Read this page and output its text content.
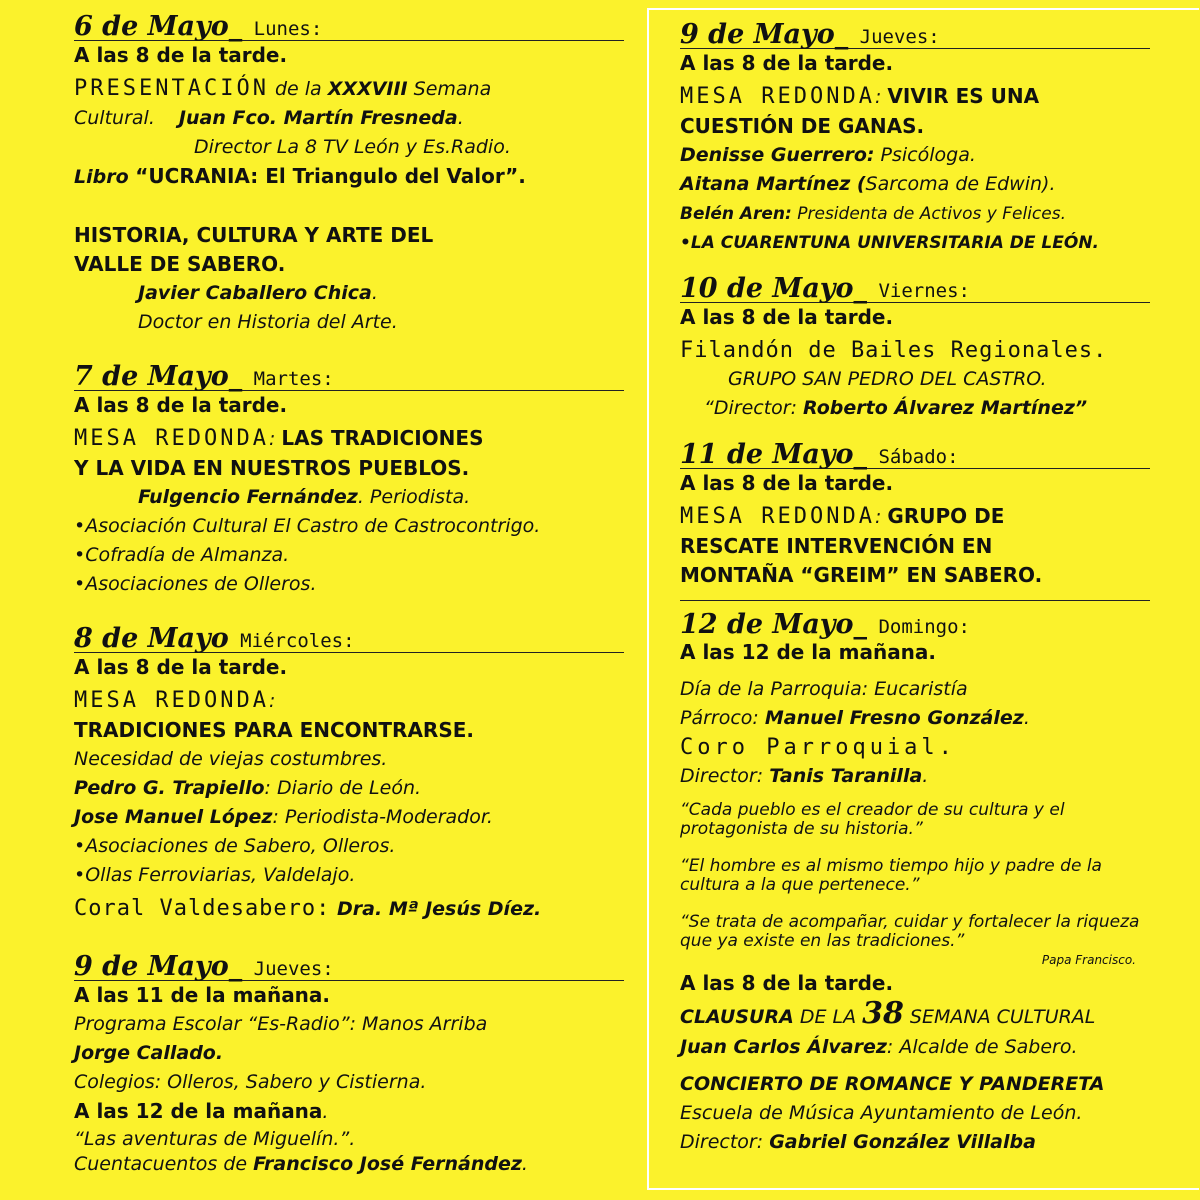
6 de Mayo_ Lunes:
A las 8 de la tarde.
PRESENTACIÓN de la XXXVIII Semana
Cultural. Juan Fco. Martín Fresneda.
Director La 8 TV León y Es.Radio.
Libro “UCRANIA: El Triangulo del Valor”.
HISTORIA, CULTURA Y ARTE DEL
VALLE DE SABERO.
Javier Caballero Chica.
Doctor en Historia del Arte.
7 de Mayo_ Martes:
A las 8 de la tarde.
MESA REDONDA: LAS TRADICIONES
Y LA VIDA EN NUESTROS PUEBLOS.
Fulgencio Fernández. Periodista.
•Asociación Cultural El Castro de Castrocontrigo.
•Cofradía de Almanza.
•Asociaciones de Olleros.
8 de Mayo Miércoles:
A las 8 de la tarde.
MESA REDONDA:
TRADICIONES PARA ENCONTRARSE.
Necesidad de viejas costumbres.
Pedro G. Trapiello: Diario de León.
Jose Manuel López: Periodista-Moderador.
•Asociaciones de Sabero, Olleros.
•Ollas Ferroviarias, Valdelajo.
Coral Valdesabero: Dra. Mª Jesús Díez.
9 de Mayo_ Jueves:
A las 11 de la mañana.
Programa Escolar “Es-Radio”: Manos Arriba
Jorge Callado.
Colegios: Olleros, Sabero y Cistierna.
A las 12 de la mañana.
“Las aventuras de Miguelín.”.
Cuentacuentos de Francisco José Fernández.
9 de Mayo_ Jueves:
A las 8 de la tarde.
MESA REDONDA: VIVIR ES UNA
CUESTIÓN DE GANAS.
Denisse Guerrero: Psicóloga.
Aitana Martínez (Sarcoma de Edwin).
Belén Aren: Presidenta de Activos y Felices.
•LA CUARENTUNA UNIVERSITARIA DE LEÓN.
10 de Mayo_ Viernes:
A las 8 de la tarde.
Filandón de Bailes Regionales.
GRUPO SAN PEDRO DEL CASTRO.
“Director: Roberto Álvarez Martínez”
11 de Mayo_ Sábado:
A las 8 de la tarde.
MESA REDONDA: GRUPO DE
RESCATE INTERVENCIÓN EN
MONTAÑA “GREIM” EN SABERO.
12 de Mayo_ Domingo:
A las 12 de la mañana.
Día de la Parroquia: Eucaristía
Párroco: Manuel Fresno González.
Coro Parroquial.
Director: Tanis Taranilla.
“Cada pueblo es el creador de su cultura y el protagonista de su historia.”
“El hombre es al mismo tiempo hijo y padre de la cultura a la que pertenece.”
“Se trata de acompañar, cuidar y fortalecer la riqueza que ya existe en las tradiciones.”
Papa Francisco.
A las 8 de la tarde.
CLAUSURA DE LA 38 SEMANA CULTURAL
Juan Carlos Álvarez: Alcalde de Sabero.
CONCIERTO DE ROMANCE Y PANDERETA
Escuela de Música Ayuntamiento de León.
Director: Gabriel González Villalba
